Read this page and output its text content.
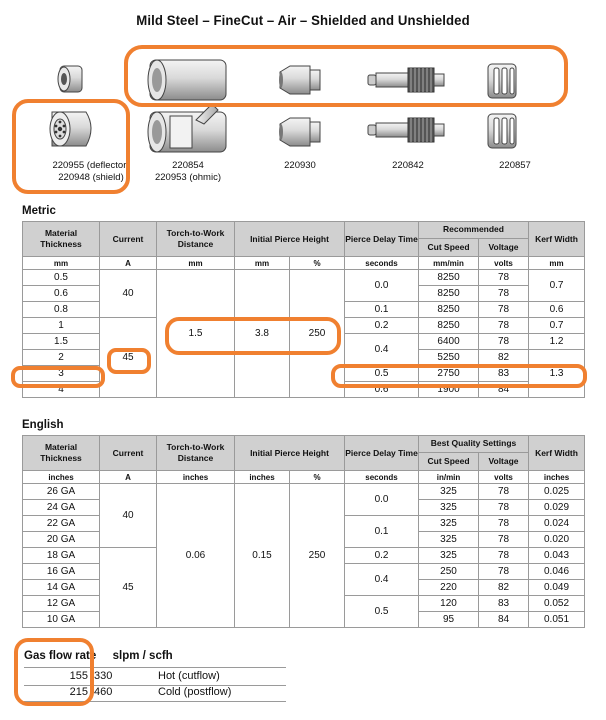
Mild Steel – FineCut – Air – Shielded and Unshielded
220955 (deflector)
220948 (shield)
220854
220953 (ohmic)
220930	220842	220857
Metric
Material Thickness	Current	Torch-to-Work Distance	Initial Pierce Height		Pierce Delay Time	Recommended		Kerf Width
						Cut Speed	Voltage	
mm	A	mm	mm	%	seconds	mm/min	volts	mm
0.5	40	1.5	3.8	250	0.0	8250	78	0.7
0.6						8250	78	
0.8					0.1	8250	78	0.6
1	45				0.2	8250	78	0.7
1.5					0.4	6400	78	1.2
2						5250	82	1.3
3					0.5	2750	83	
4					0.6	1900	84	
English
Material Thickness	Current	Torch-to-Work Distance	Initial Pierce Height		Pierce Delay Time	Best Quality Settings		Kerf Width
						Cut Speed	Voltage	
inches	A	inches	inches	%	seconds	in/min	volts	inches
26 GA	40	0.06	0.15	250	0.0	325	78	0.025
24 GA						325	78	0.029
22 GA					0.1	325	78	0.024
20 GA						325	78	0.020
18 GA	45				0.2	325	78	0.043
16 GA					0.4	250	78	0.046
14 GA						220	82	0.049
12 GA					0.5	120	83	0.052
10 GA						95	84	0.051
Gas flow rate slpm / scfh
155 330	Hot (cutflow)
215 460	Cold (postflow)
